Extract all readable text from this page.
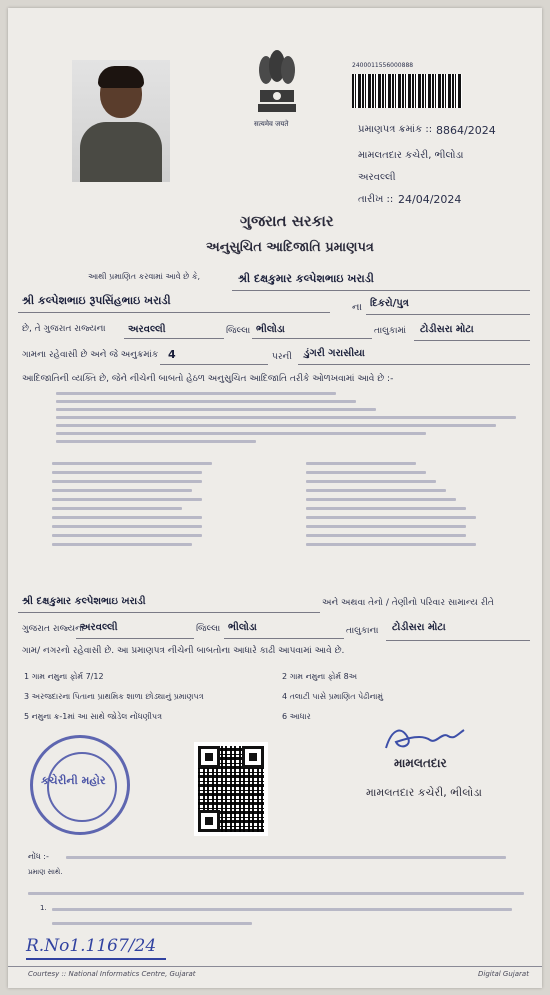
सत्यमेव जयते
2400011556000888
પ્રમાણપત્ર ક્રમાંક :: 8864/2024
મામલતદાર કચેરી, ભીલોડા
અરવલ્લી
તારીખ :: 24/04/2024
ગુજરાત સરકાર
અનુસુચિત આદિજાતિ પ્રમાણપત્ર
આથી પ્રમાણિત કરવામાં આવે છે કે,	શ્રી દક્ષકુમાર કલ્પેશભાઇ ખરાડી
શ્રી કલ્પેશભાઇ રૂપસિંહભાઇ ખરાડી
ના દિકરો/પુત્ર
છે, તે ગુજરાત રાજ્યના અરવલ્લી	જિલ્લા ભીલોડા	તાલુકામાં ટોડીસરા મોટા
ગામના રહેવાસી છે અને જે અનુક્રમાંક 4	પરની ડુંગરી ગરાસીયા
આદિજાતિની વ્યક્તિ છે, જેને નીચેની બાબતો હેઠળ અનુસુચિત આદિજાતિ તરીકે ઓળખવામાં આવે છે :-
શ્રી દક્ષકુમાર કલ્પેશભાઇ ખરાડી	અને અથવા તેનો / તેણીનો પરિવાર સામાન્ય રીતે
ગુજરાત રાજ્યના
અરવલ્લી	જિલ્લા ભીલોડા	તાલુકાના ટોડીસરા મોટા
ગામ/ નગરનો રહેવાસી છે. આ પ્રમાણપત્ર નીચેની બાબતોના આધારે કાઢી આપવામાં આવે છે.
1 ગામ નમુના ફોર્મ 7/12	2 ગામ નમુના ફોર્મ 8અ
3 અરજદારના પિતાના પ્રાથમિક શાળા છોડ્યાનું પ્રમાણપત્ર	4 તલાટી પાસે પ્રમાણિત પેઢીનામું
5 નમુના ક્ર-1માં આ સાથે જોડેલ નોંધણીપત્ર	6 આધાર
કચેરીની મહોર
મામલતદાર
મામલતદાર કચેરી, ભીલોડા
નોંધ :-
પ્રમાણ સાથે.
1.
R.No1.1167/24
Courtesy :: National Informatics Centre, Gujarat	Digital Gujarat
